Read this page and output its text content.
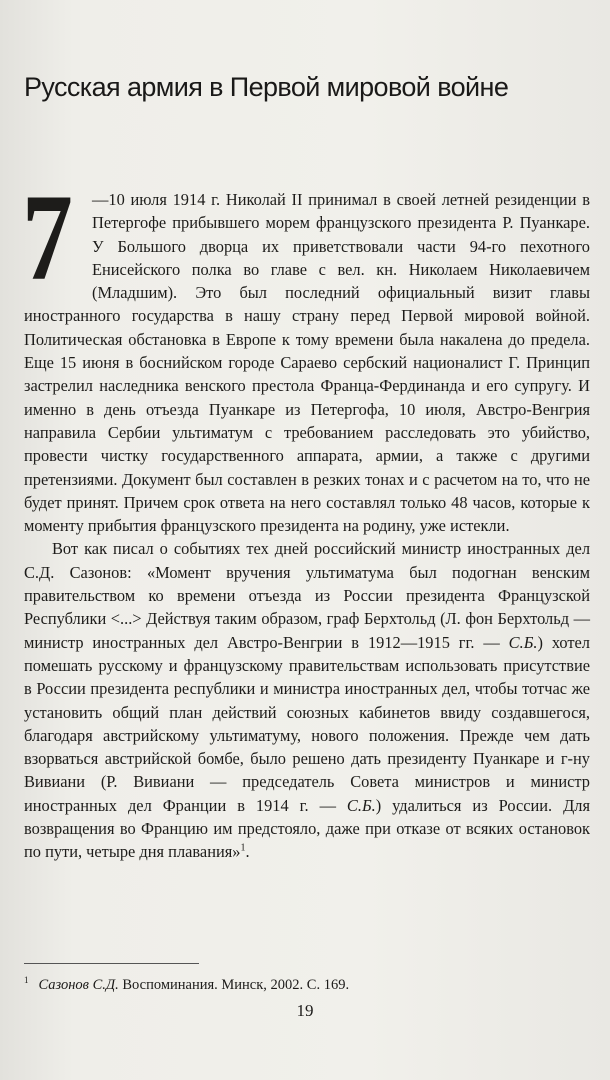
Русская армия в Первой мировой войне

7 —10 июля 1914 г. Николай II принимал в своей летней резиденции в Петергофе прибывшего морем французского президента Р. Пуанкаре. У Большого дворца их приветствовали части 94-го пехотного Енисейского полка во главе с вел. кн. Николаем Николаевичем (Младшим). Это был последний официальный визит главы иностранного государства в нашу страну перед Первой мировой войной. Политическая обстановка в Европе к тому времени была накалена до предела. Еще 15 июня в боснийском городе Сараево сербский националист Г. Принцип застрелил наследника венского престола Франца-Фердинанда и его супругу. И именно в день отъезда Пуанкаре из Петергофа, 10 июля, Австро-Венгрия направила Сербии ультиматум с требованием расследовать это убийство, провести чистку государственного аппарата, армии, а также с другими претензиями. Документ был составлен в резких тонах и с расчетом на то, что не будет принят. Причем срок ответа на него составлял только 48 часов, которые к моменту прибытия французского президента на родину, уже истекли.

Вот как писал о событиях тех дней российский министр иностранных дел С.Д. Сазонов: «Момент вручения ультиматума был подогнан венским правительством ко времени отъезда из России президента Французской Республики <...> Действуя таким образом, граф Берхтольд (Л. фон Берхтольд — министр иностранных дел Австро-Венгрии в 1912—1915 гг. — С.Б.) хотел помешать русскому и французскому правительствам использовать присутствие в России президента республики и министра иностранных дел, чтобы тотчас же установить общий план действий союзных кабинетов ввиду создавшегося, благодаря австрийскому ультиматуму, нового положения. Прежде чем дать взорваться австрийской бомбе, было решено дать президенту Пуанкаре и г-ну Вивиани (Р. Вивиани — председатель Совета министров и министр иностранных дел Франции в 1914 г. — С.Б.) удалиться из России. Для возвращения во Францию им предстояло, даже при отказе от всяких остановок по пути, четыре дня плавания»$^1$.

$^1$ Сазонов С.Д. Воспоминания. Минск, 2002. С. 169.
19
